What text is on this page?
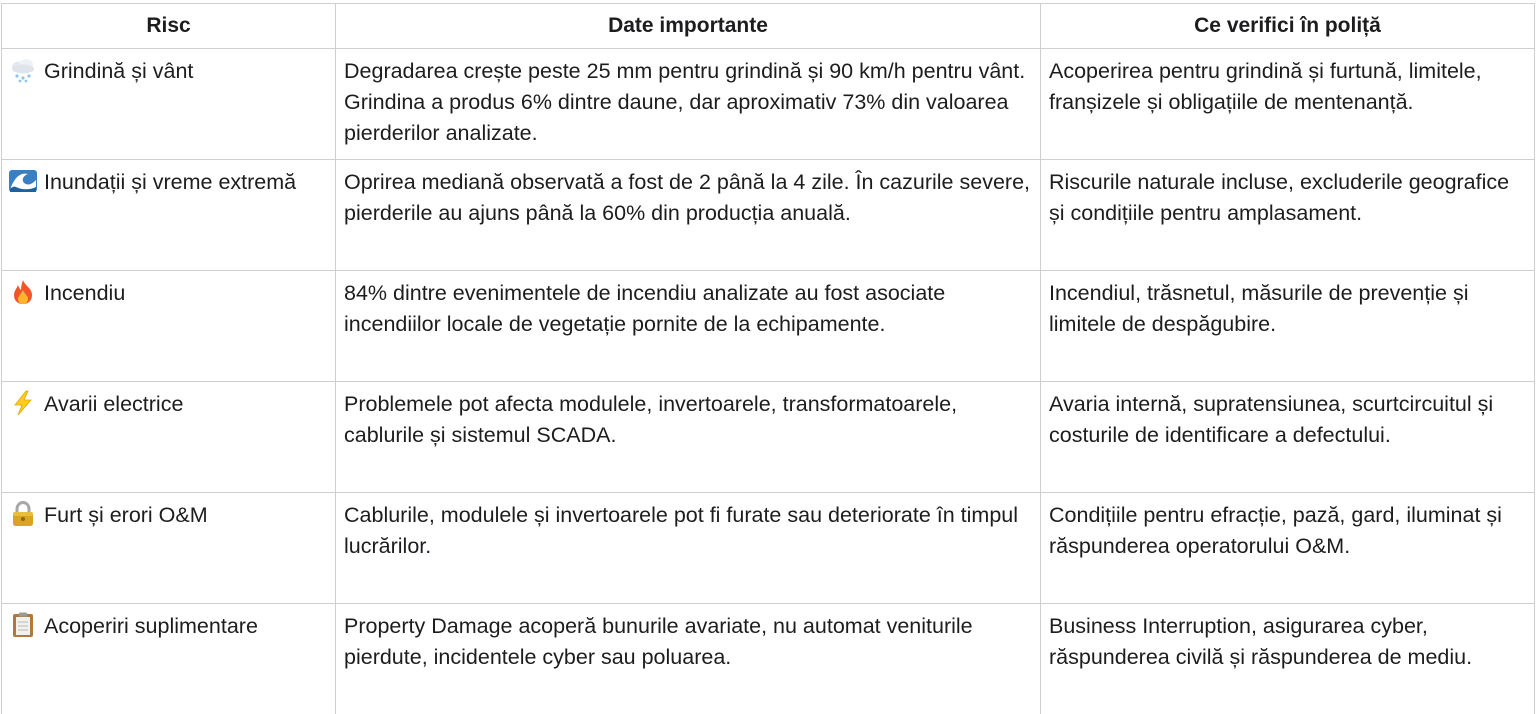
Risc	Date importante	Ce verifici în poliță

Grindină și vânt	Degradarea crește peste 25 mm pentru grindină și 90 km/h pentru vânt. Grindina a produs 6% dintre daune, dar aproximativ 73% din valoarea pierderilor analizate.	Acoperirea pentru grindină și furtună, limitele, franșizele și obligațiile de mentenanță.

Inundații și vreme extremă	Oprirea mediană observată a fost de 2 până la 4 zile. În cazurile severe, pierderile au ajuns până la 60% din producția anuală.	Riscurile naturale incluse, excluderile geografice și condițiile pentru amplasament.

Incendiu	84% dintre evenimentele de incendiu analizate au fost asociate incendiilor locale de vegetație pornite de la echipamente.	Incendiul, trăsnetul, măsurile de prevenție și limitele de despăgubire.

Avarii electrice	Problemele pot afecta modulele, invertoarele, transformatoarele, cablurile și sistemul SCADA.	Avaria internă, supratensiunea, scurtcircuitul și costurile de identificare a defectului.

Furt și erori O&M	Cablurile, modulele și invertoarele pot fi furate sau deteriorate în timpul lucrărilor.	Condițiile pentru efracție, pază, gard, iluminat și răspunderea operatorului O&M.

Acoperiri suplimentare	Property Damage acoperă bunurile avariate, nu automat veniturile pierdute, incidentele cyber sau poluarea.	Business Interruption, asigurarea cyber, răspunderea civilă și răspunderea de mediu.
